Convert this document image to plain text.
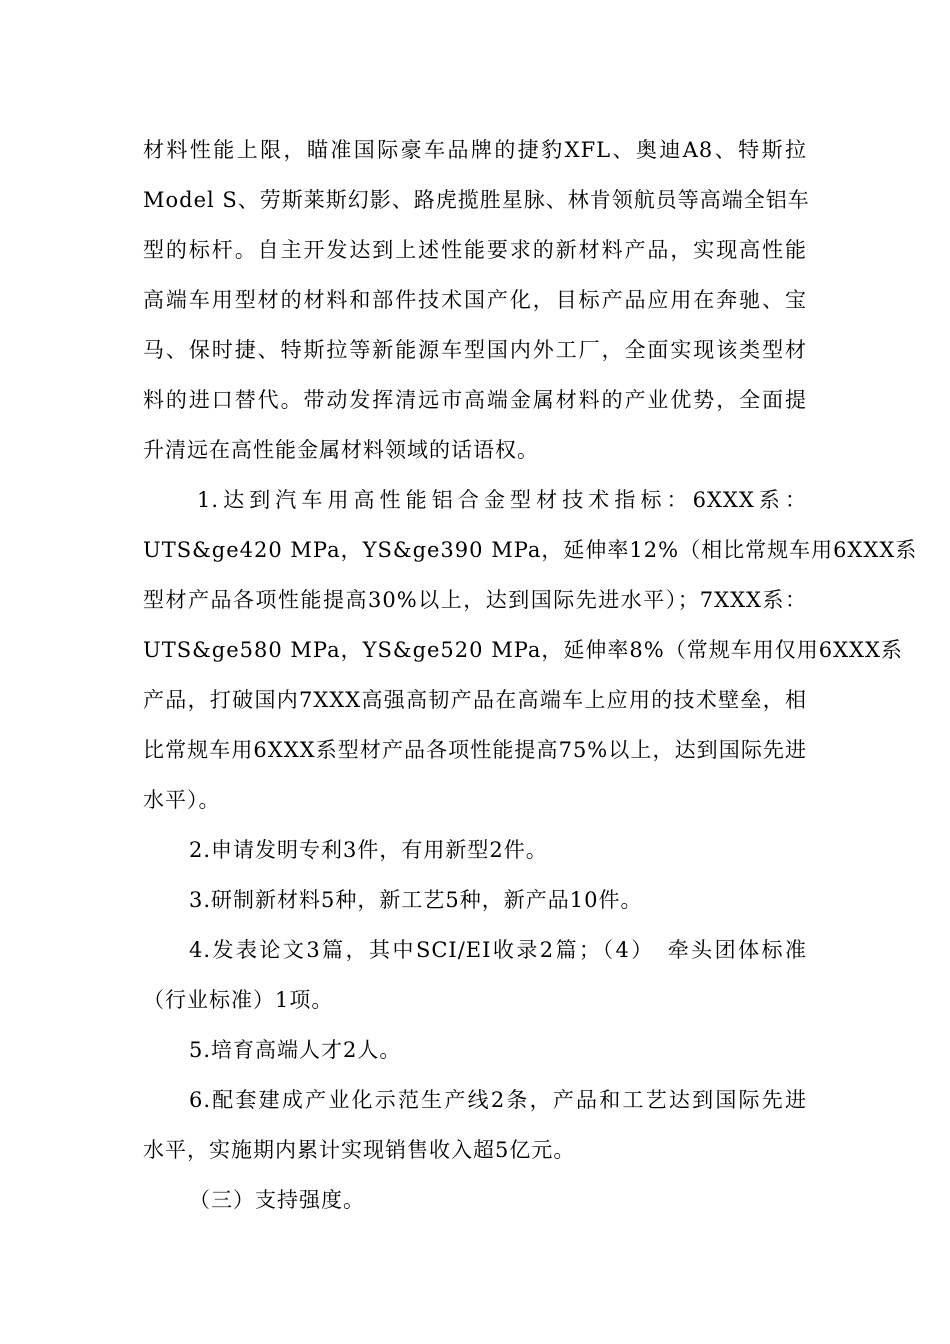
材料性能上限，瞄准国际豪车品牌的捷豹XFL、奥迪A8、特斯拉
Model S、劳斯莱斯幻影、路虎揽胜星脉、林肯领航员等高端全铝车
型的标杆。自主开发达到上述性能要求的新材料产品，实现高性能
高端车用型材的材料和部件技术国产化，目标产品应用在奔驰、宝
马、保时捷、特斯拉等新能源车型国内外工厂，全面实现该类型材
料的进口替代。带动发挥清远市高端金属材料的产业优势，全面提
升清远在高性能金属材料领域的话语权。
1.达到汽车用高性能铝合金型材技术指标：6XXX系：
UTS&ge420 MPa，YS&ge390 MPa，延伸率12%（相比常规车用6XXX系
型材产品各项性能提高30%以上，达到国际先进水平）；7XXX系：
UTS&ge580 MPa，YS&ge520 MPa，延伸率8%（常规车用仅用6XXX系
产品，打破国内7XXX高强高韧产品在高端车上应用的技术壁垒，相
比常规车用6XXX系型材产品各项性能提高75%以上，达到国际先进
水平）。
2.申请发明专利3件，有用新型2件。
3.研制新材料5种，新工艺5种，新产品10件。
4.发表论文3篇，其中SCI/EI收录2篇；（4）　牵头团体标准
（行业标准）1项。
5.培育高端人才2人。
6.配套建成产业化示范生产线2条，产品和工艺达到国际先进
水平，实施期内累计实现销售收入超5亿元。
（三）支持强度。
